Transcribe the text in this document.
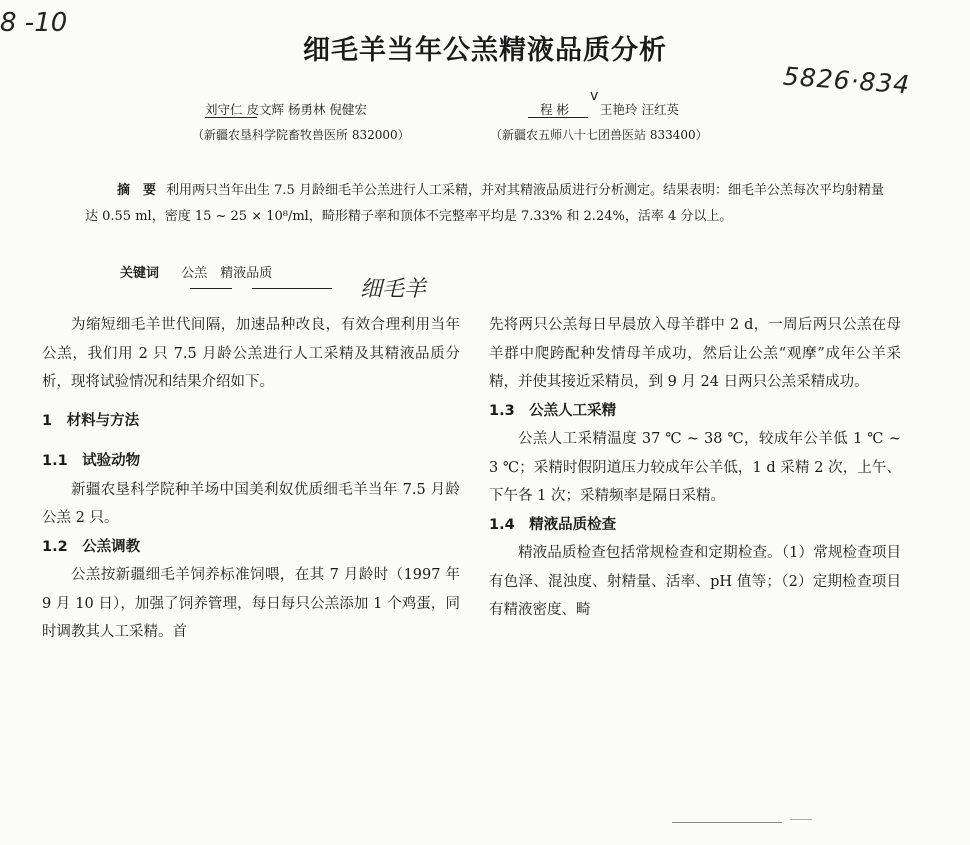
8 -10
5826·834
细毛羊当年公羔精液品质分析
刘守仁 皮文辉 杨勇林 倪健宏
（新疆农垦科学院畜牧兽医所 832000）
程 彬
v
王艳玲 汪红英
（新疆农五师八十七团兽医站 833400）
摘　要 利用两只当年出生 7.5 月龄细毛羊公羔进行人工采精，并对其精液品质进行分析测定。结果表明：细毛羊公羔每次平均射精量达 0.55 ml，密度 15 ~ 25 × 10⁸/ml，畸形精子率和顶体不完整率平均是 7.33% 和 2.24%，活率 4 分以上。
关键词 公羔　精液品质
细毛羊

为缩短细毛羊世代间隔，加速品种改良，有效合理利用当年公羔，我们用 2 只 7.5 月龄公羔进行人工采精及其精液品质分析，现将试验情况和结果介绍如下。

1　材料与方法
1.1　试验动物

新疆农垦科学院种羊场中国美利奴优质细毛羊当年 7.5 月龄公羔 2 只。

1.2　公羔调教

公羔按新疆细毛羊饲养标准饲喂，在其 7 月龄时（1997 年 9 月 10 日），加强了饲养管理，每日每只公羔添加 1 个鸡蛋，同时调教其人工采精。首

先将两只公羔每日早晨放入母羊群中 2 d，一周后两只公羔在母羊群中爬跨配种发情母羊成功，然后让公羔“观摩”成年公羊采精，并使其接近采精员，到 9 月 24 日两只公羔采精成功。

1.3　公羔人工采精

公羔人工采精温度 37 ℃ ~ 38 ℃，较成年公羊低 1 ℃ ~ 3 ℃；采精时假阴道压力较成年公羊低，1 d 采精 2 次，上午、下午各 1 次；采精频率是隔日采精。

1.4　精液品质检查

精液品质检查包括常规检查和定期检查。（1）常规检查项目有色泽、混浊度、射精量、活率、pH 值等；（2）定期检查项目有精液密度、畸
